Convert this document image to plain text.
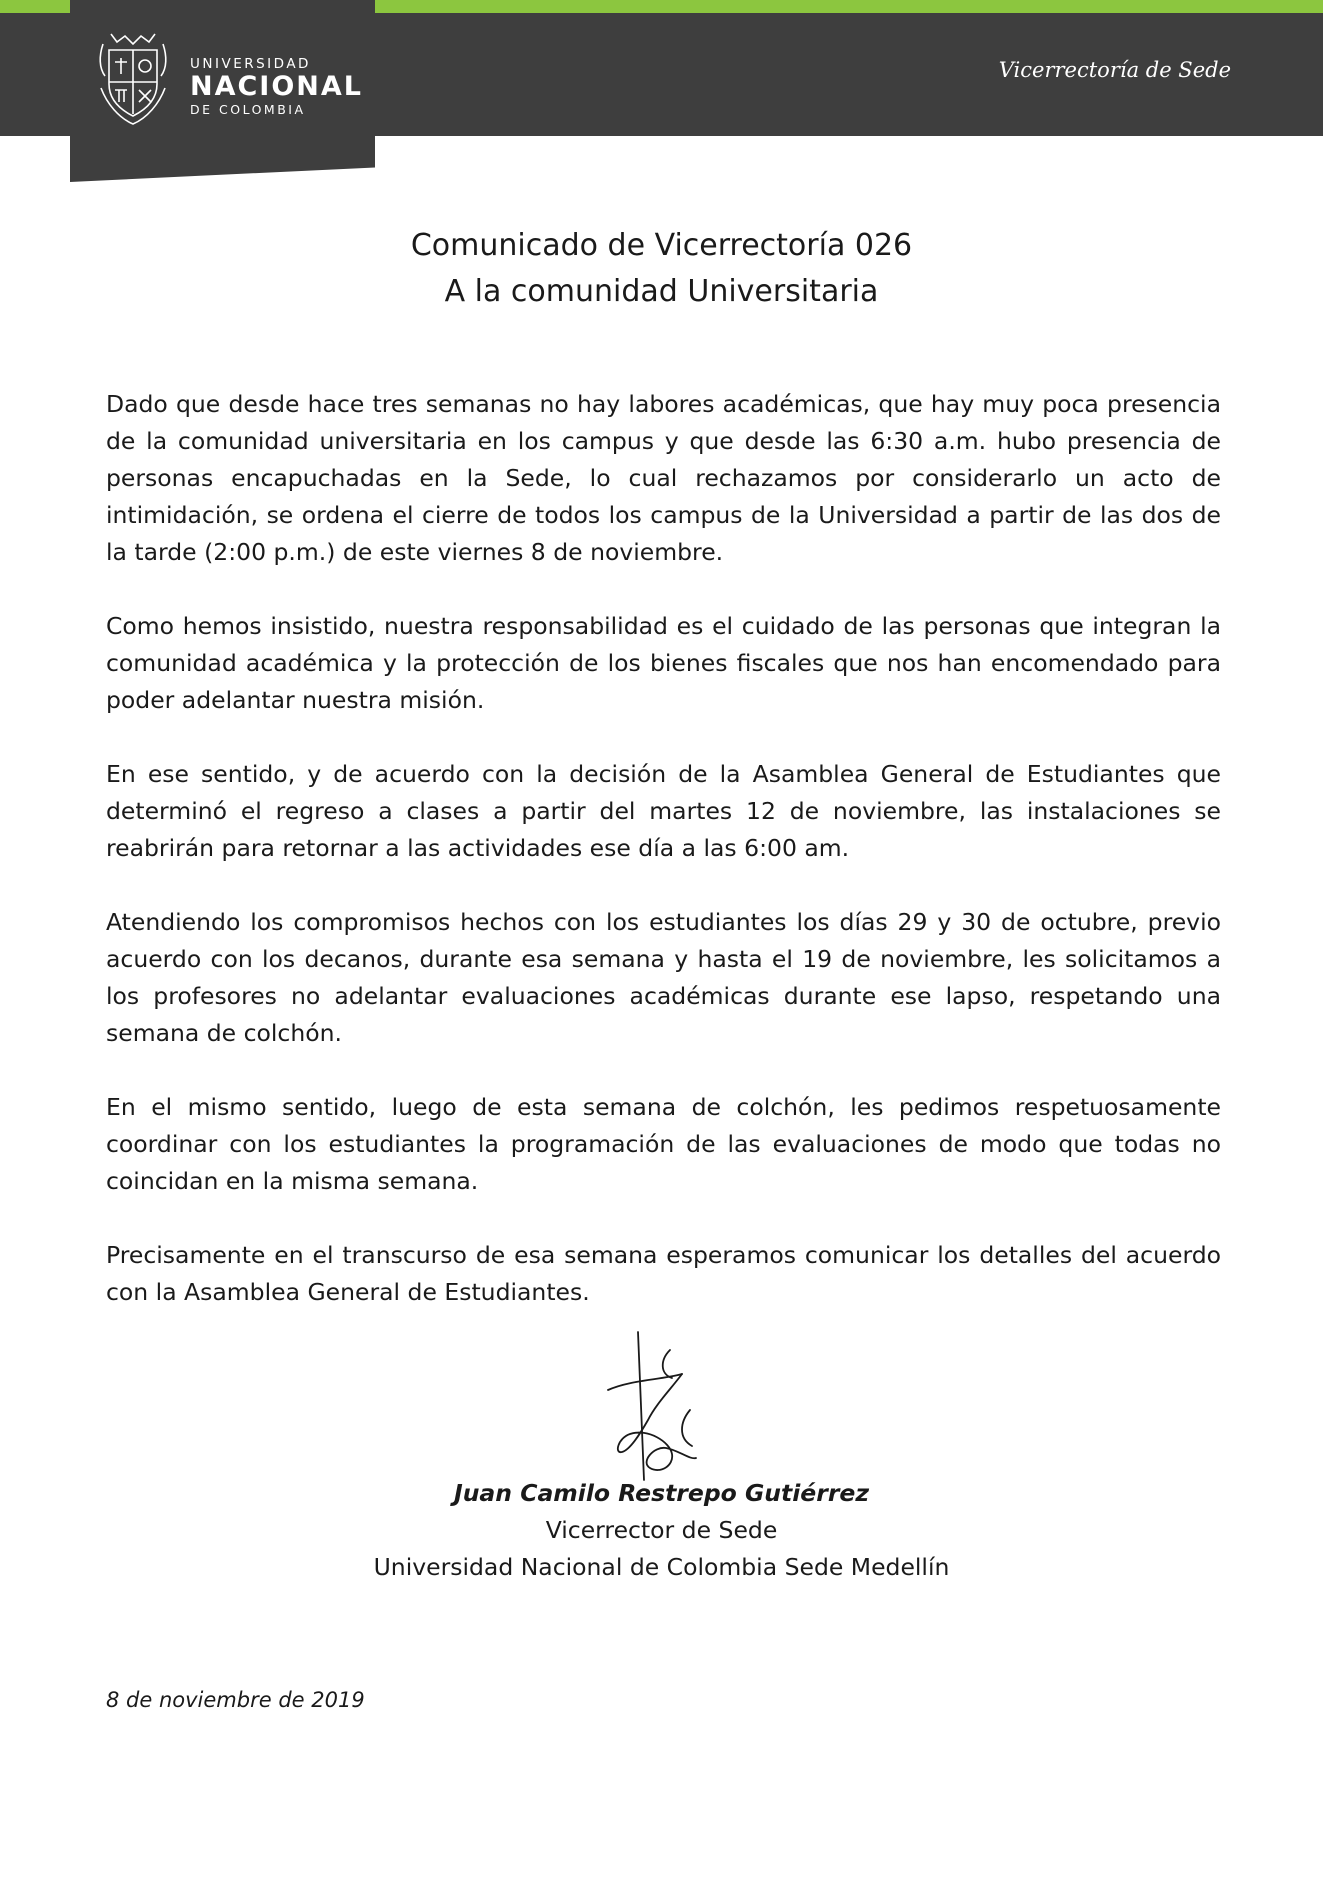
UNIVERSIDAD
NACIONAL
DE COLOMBIA
Vicerrectoría de Sede
Comunicado de Vicerrectoría 026
A la comunidad Universitaria

Dado que desde hace tres semanas no hay labores académicas, que hay muy poca presencia de la comunidad universitaria en los campus y que desde las 6:30 a.m. hubo presencia de personas encapuchadas en la Sede, lo cual rechazamos por considerarlo un acto de intimidación, se ordena el cierre de todos los campus de la Universidad a partir de las dos de la tarde (2:00 p.m.) de este viernes 8 de noviembre.

Como hemos insistido, nuestra responsabilidad es el cuidado de las personas que integran la comunidad académica y la protección de los bienes fiscales que nos han encomendado para poder adelantar nuestra misión.

En ese sentido, y de acuerdo con la decisión de la Asamblea General de Estudiantes que determinó el regreso a clases a partir del martes 12 de noviembre, las instalaciones se reabrirán para retornar a las actividades ese día a las 6:00 am.

Atendiendo los compromisos hechos con los estudiantes los días 29 y 30 de octubre, previo acuerdo con los decanos, durante esa semana y hasta el 19 de noviembre, les solicitamos a los profesores no adelantar evaluaciones académicas durante ese lapso, respetando una semana de colchón.

En el mismo sentido, luego de esta semana de colchón, les pedimos respetuosamente coordinar con los estudiantes la programación de las evaluaciones de modo que todas no coincidan en la misma semana.

Precisamente en el transcurso de esa semana esperamos comunicar los detalles del acuerdo con la Asamblea General de Estudiantes.

Juan Camilo Restrepo Gutiérrez
Vicerrector de Sede
Universidad Nacional de Colombia Sede Medellín
8 de noviembre de 2019
